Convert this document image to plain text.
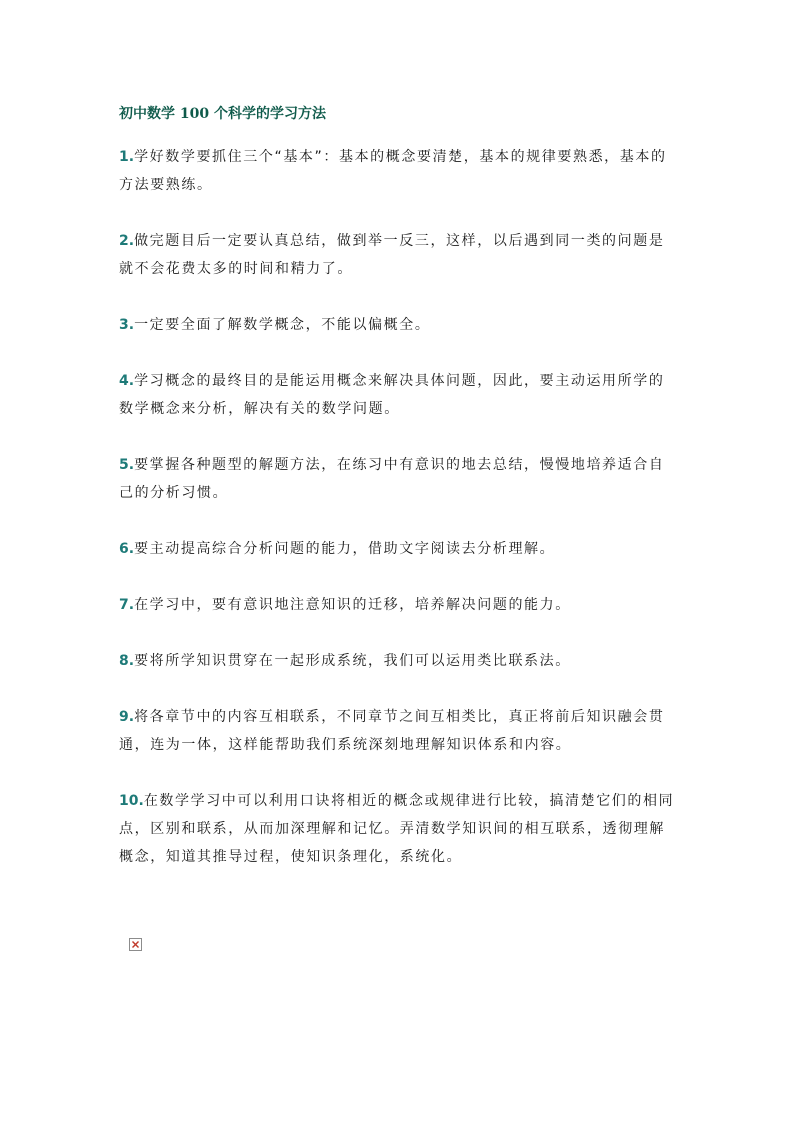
初中数学 100 个科学的学习方法
1.学好数学要抓住三个“基本”：基本的概念要清楚，基本的规律要熟悉，基本的方法要熟练。
2.做完题目后一定要认真总结，做到举一反三，这样，以后遇到同一类的问题是就不会花费太多的时间和精力了。
3.一定要全面了解数学概念，不能以偏概全。
4.学习概念的最终目的是能运用概念来解决具体问题，因此，要主动运用所学的数学概念来分析，解决有关的数学问题。
5.要掌握各种题型的解题方法，在练习中有意识的地去总结，慢慢地培养适合自己的分析习惯。
6.要主动提高综合分析问题的能力，借助文字阅读去分析理解。
7.在学习中，要有意识地注意知识的迁移，培养解决问题的能力。
8.要将所学知识贯穿在一起形成系统，我们可以运用类比联系法。
9.将各章节中的内容互相联系，不同章节之间互相类比，真正将前后知识融会贯通，连为一体，这样能帮助我们系统深刻地理解知识体系和内容。
10.在数学学习中可以利用口诀将相近的概念或规律进行比较，搞清楚它们的相同点，区别和联系，从而加深理解和记忆。弄清数学知识间的相互联系，透彻理解概念，知道其推导过程，使知识条理化，系统化。
